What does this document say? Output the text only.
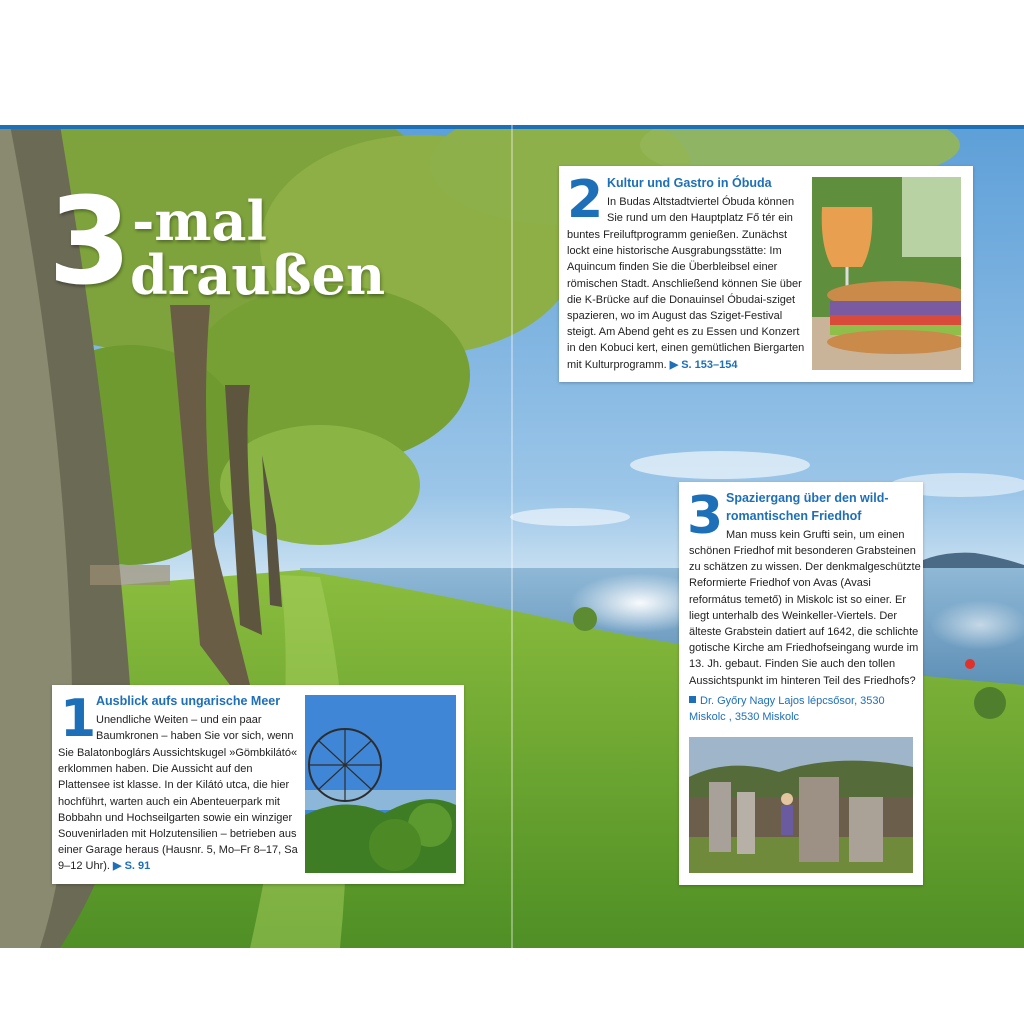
3 -mal
draußen
1 Ausblick aufs ungarische Meer
Unendliche Weiten – und ein paar Baumkronen – haben Sie vor sich, wenn
Sie Balatonboglárs Aussichtskugel »Gömbkilátó« erklommen haben. Die Aussicht auf den Plattensee ist klasse. In der Kilátó utca, die hier hochführt, warten auch ein Abenteuerpark mit Bobbahn und Hochseilgarten sowie ein winziger Souvenirladen mit Holzutensilien – betrieben aus einer Garage heraus (Hausnr. 5, Mo–Fr 8–17, Sa 9–12 Uhr). ▶ S. 91
2 Kultur und Gastro in Óbuda
In Budas Altstadtviertel Óbuda können Sie rund um den Hauptplatz Fő tér ein
buntes Freiluftprogramm genießen. Zunächst lockt eine historische Ausgrabungsstätte: Im Aquincum finden Sie die Überbleibsel einer römischen Stadt. Anschließend können Sie über die K-Brücke auf die Donauinsel Óbudai-sziget spazieren, wo im August das Sziget-Festival steigt. Am Abend geht es zu Essen und Konzert in den Kobuci kert, einen gemütlichen Biergarten mit Kulturprogramm. ▶ S. 153–154
3 Spaziergang über den wild-
romantischen Friedhof
Man muss kein Grufti sein, um einen
schönen Friedhof mit besonderen Grabsteinen zu schätzen zu wissen. Der denkmalgeschützte Reformierte Friedhof von Avas (Avasi református temető) in Miskolc ist so einer. Er liegt unterhalb des Weinkeller-Viertels. Der älteste Grabstein datiert auf 1642, die schlichte gotische Kirche am Friedhofseingang wurde im 13. Jh. gebaut. Finden Sie auch den tollen Aussichtspunkt im hinteren Teil des Friedhofs?
Dr. Győry Nagy Lajos lépcsősor, 3530 Miskolc , 3530 Miskolc
